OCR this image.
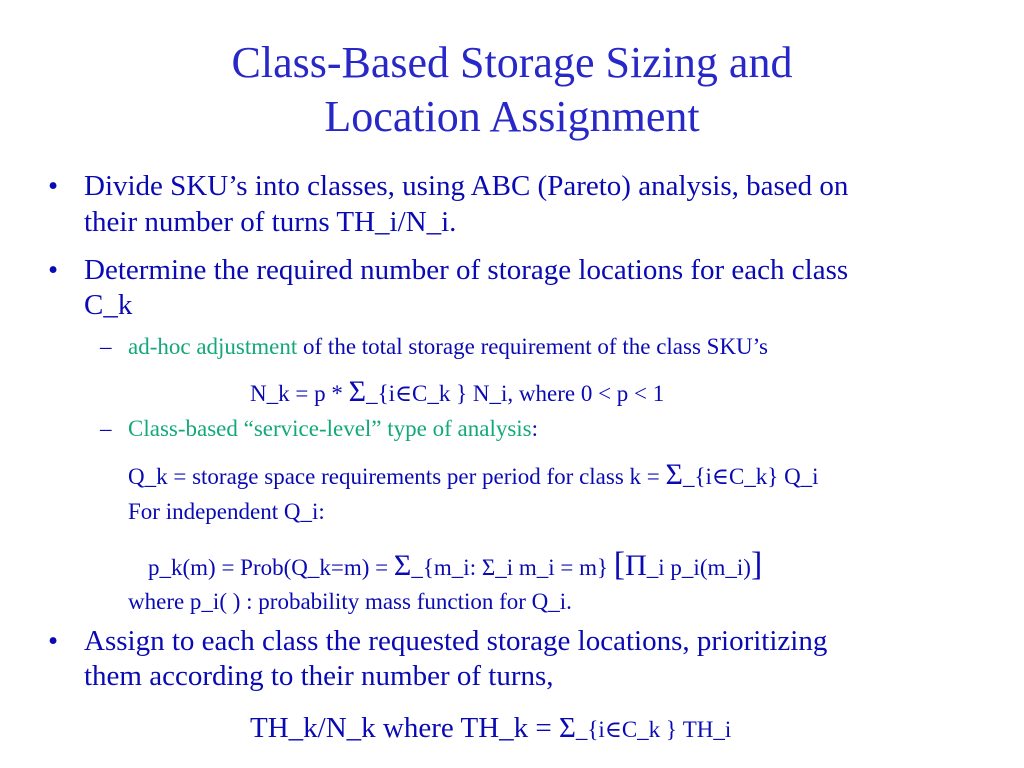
Class-Based Storage Sizing and
Location Assignment
• Divide SKU’s into classes, using ABC (Pareto) analysis, based on
their number of turns TH_i/N_i.
• Determine the required number of storage locations for each class
C_k
– ad-hoc adjustment of the total storage requirement of the class SKU’s
N_k = p * Σ_{i∈C_k } N_i, where 0 < p < 1
– Class-based “service-level” type of analysis:
Q_k = storage space requirements per period for class k = Σ_{i∈C_k} Q_i
For independent Q_i:
p_k(m) = Prob(Q_k=m) = Σ_{m_i: Σ_i m_i = m} [Π_i p_i(m_i)]
where p_i( ) : probability mass function for Q_i.
• Assign to each class the requested storage locations, prioritizing
them according to their number of turns,
TH_k/N_k where TH_k = Σ_{i∈C_k } TH_i
